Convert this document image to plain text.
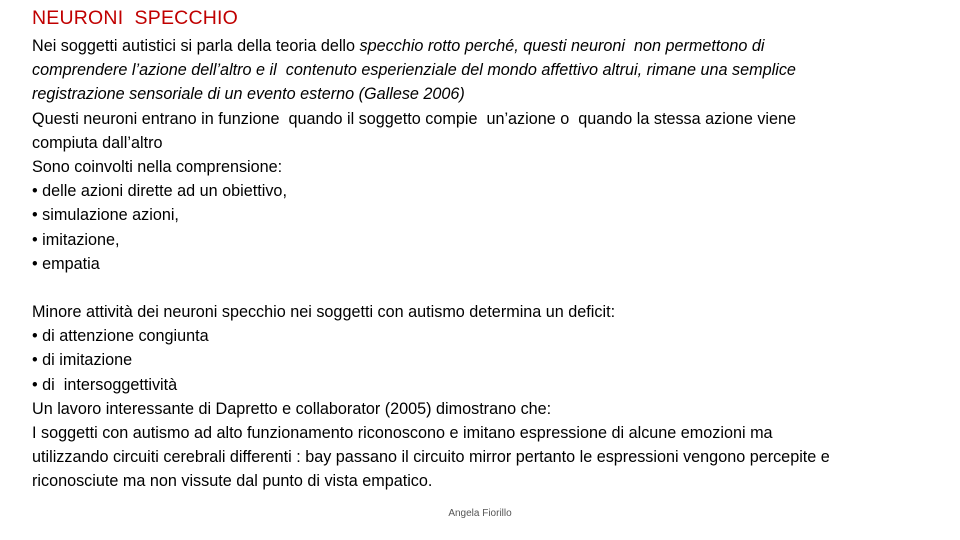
NEURONI  SPECCHIO
Nei soggetti autistici si parla della teoria dello specchio rotto perché, questi neuroni  non permettono di
comprendere l’azione dell’altro e il  contenuto esperienziale del mondo affettivo altrui, rimane una semplice
registrazione sensoriale di un evento esterno (Gallese 2006)
Questi neuroni entrano in funzione  quando il soggetto compie  un’azione o  quando la stessa azione viene
compiuta dall’altro
Sono coinvolti nella comprensione:
• delle azioni dirette ad un obiettivo,
• simulazione azioni,
• imitazione,
• empatia
Minore attività dei neuroni specchio nei soggetti con autismo determina un deficit:
• di attenzione congiunta
• di imitazione
• di  intersoggettività
Un lavoro interessante di Dapretto e collaborator (2005) dimostrano che:
I soggetti con autismo ad alto funzionamento riconoscono e imitano espressione di alcune emozioni ma
utilizzando circuiti cerebrali differenti : bay passano il circuito mirror pertanto le espressioni vengono percepite e
riconosciute ma non vissute dal punto di vista empatico.
Angela Fiorillo
